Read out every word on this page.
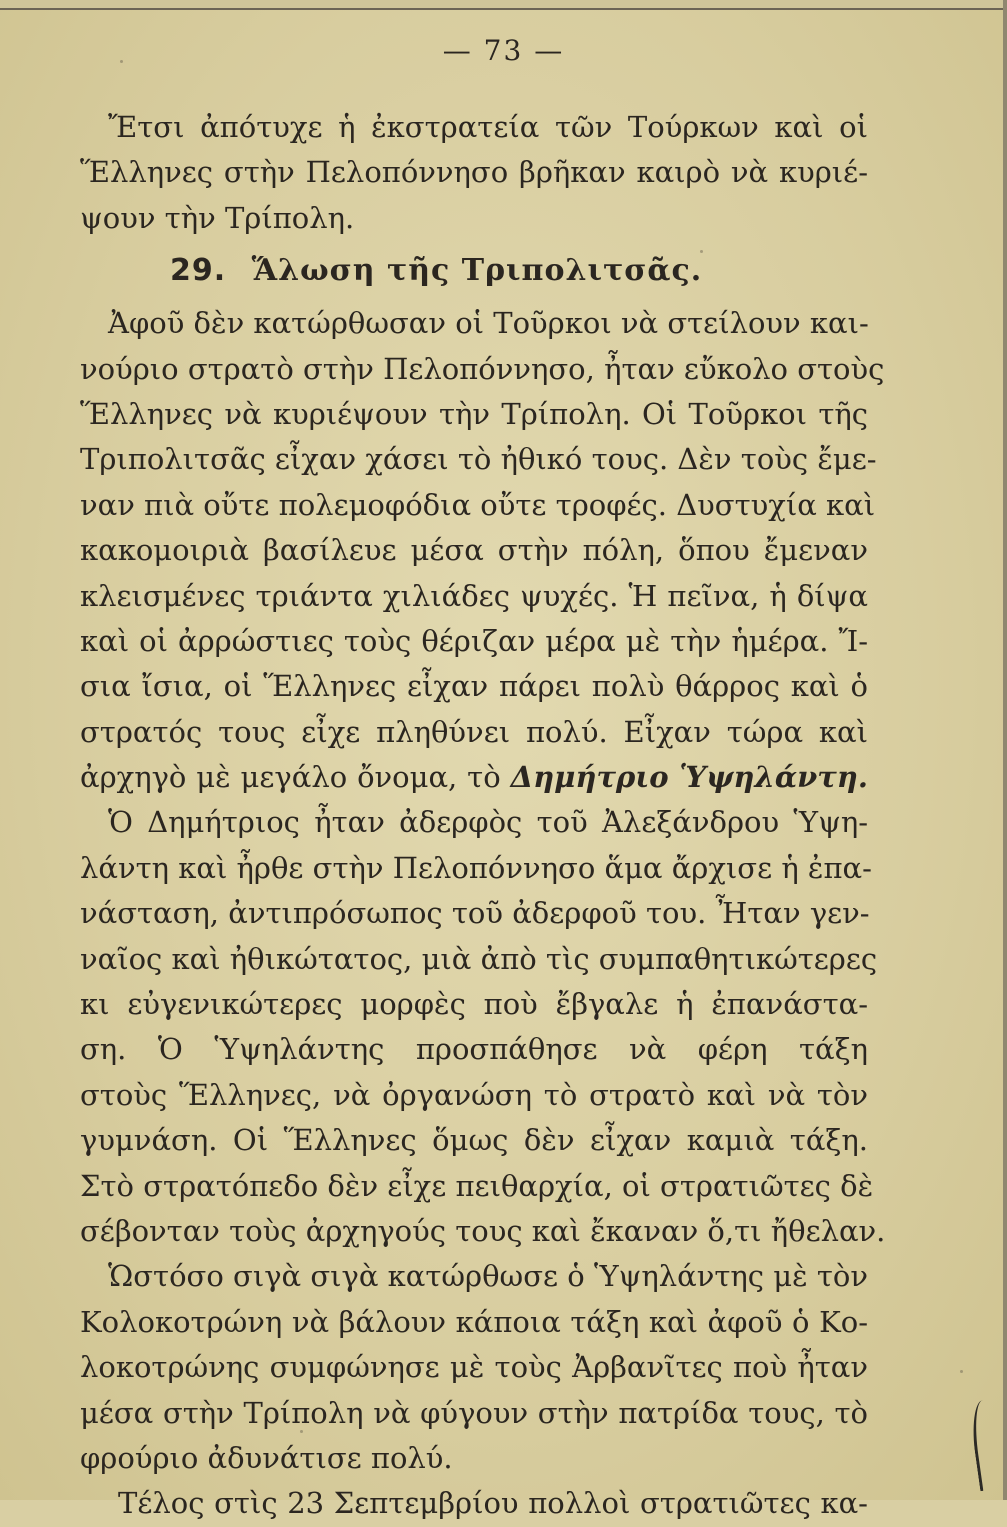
— 73 —
Ἔτσι ἀπότυχε ἡ ἐκστρατεία τῶν Τούρκων καὶ οἱ
Ἕλληνες στὴν Πελοπόννησο βρῆκαν καιρὸ νὰ κυριέ-
ψουν τὴν Τρίπολη.
29. Ἅλωση τῆς Τριπολιτσᾶς.
Ἀφοῦ δὲν κατώρθωσαν οἱ Τοῦρκοι νὰ στείλουν και-
νούριο στρατὸ στὴν Πελοπόννησο, ἦταν εὔκολο στοὺς
Ἕλληνες νὰ κυριέψουν τὴν Τρίπολη. Οἱ Τοῦρκοι τῆς
Τριπολιτσᾶς εἶχαν χάσει τὸ ἠθικό τους. Δὲν τοὺς ἔμε-
ναν πιὰ οὔτε πολεμοφόδια οὔτε τροφές. Δυστυχία καὶ
κακομοιριὰ βασίλευε μέσα στὴν πόλη, ὅπου ἔμεναν
κλεισμένες τριάντα χιλιάδες ψυχές. Ἡ πεῖνα, ἡ δίψα
καὶ οἱ ἀρρώστιες τοὺς θέριζαν μέρα μὲ τὴν ἡμέρα. Ἴ-
σια ἴσια, οἱ Ἕλληνες εἶχαν πάρει πολὺ θάρρος καὶ ὁ
στρατός τους εἶχε πληθύνει πολύ. Εἶχαν τώρα καὶ
ἀρχηγὸ μὲ μεγάλο ὄνομα, τὸ Δημήτριο Ὑψηλάντη.
Ὁ Δημήτριος ἦταν ἀδερφὸς τοῦ Ἀλεξάνδρου Ὑψη-
λάντη καὶ ἦρθε στὴν Πελοπόννησο ἅμα ἄρχισε ἡ ἐπα-
νάσταση, ἀντιπρόσωπος τοῦ ἀδερφοῦ του. Ἦταν γεν-
ναῖος καὶ ἠθικώτατος, μιὰ ἀπὸ τὶς συμπαθητικώτερες
κι εὐγενικώτερες μορφὲς ποὺ ἔβγαλε ἡ ἐπανάστα-
ση. Ὁ Ὑψηλάντης προσπάθησε νὰ φέρη τάξη
στοὺς Ἕλληνες, νὰ ὀργανώση τὸ στρατὸ καὶ νὰ τὸν
γυμνάση. Οἱ Ἕλληνες ὅμως δὲν εἶχαν καμιὰ τάξη.
Στὸ στρατόπεδο δὲν εἶχε πειθαρχία, οἱ στρατιῶτες δὲ
σέβονταν τοὺς ἀρχηγούς τους καὶ ἔκαναν ὅ,τι ἤθελαν.
Ὡστόσο σιγὰ σιγὰ κατώρθωσε ὁ Ὑψηλάντης μὲ τὸν
Κολοκοτρώνη νὰ βάλουν κάποια τάξη καὶ ἀφοῦ ὁ Κο-
λοκοτρώνης συμφώνησε μὲ τοὺς Ἀρβανῖτες ποὺ ἦταν
μέσα στὴν Τρίπολη νὰ φύγουν στὴν πατρίδα τους, τὸ
φρούριο ἀδυνάτισε πολύ.
Τέλος στὶς 23 Σεπτεμβρίου πολλοὶ στρατιῶτες κα-
